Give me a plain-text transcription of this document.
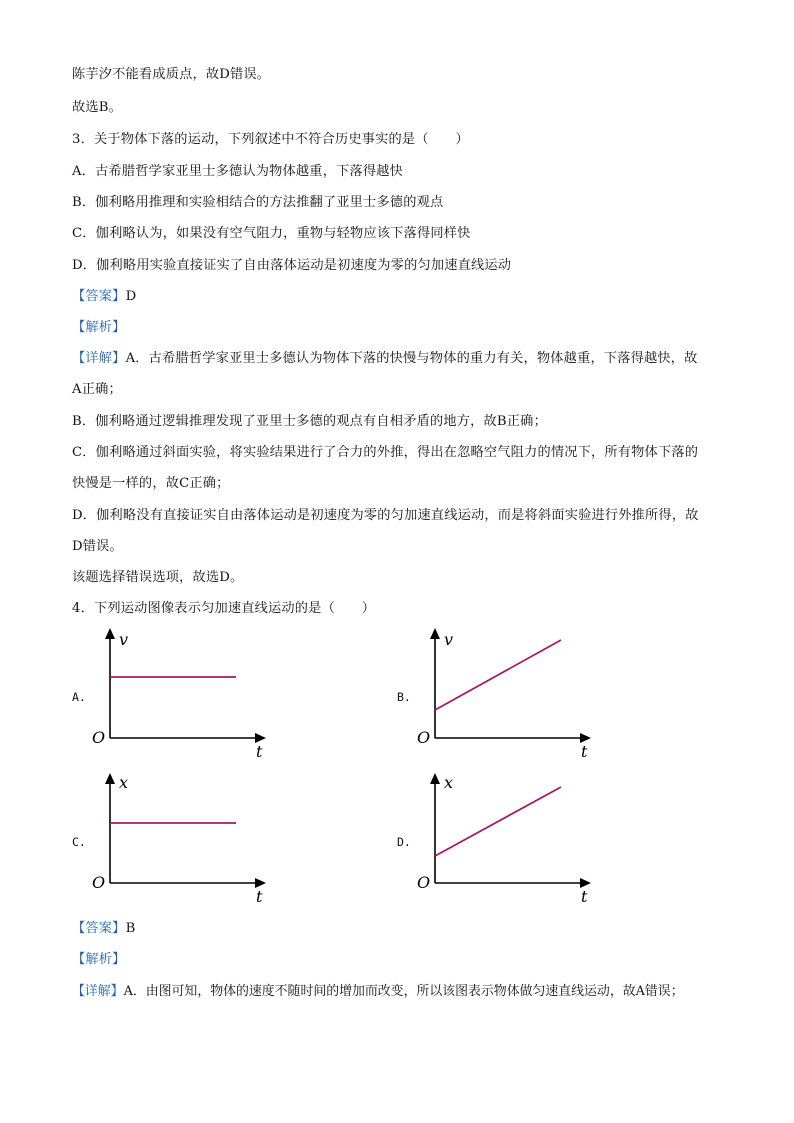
陈芋汐不能看成质点，故D错误。
故选B。
3．关于物体下落的运动，下列叙述中不符合历史事实的是（　　）
A．古希腊哲学家亚里士多德认为物体越重，下落得越快
B．伽利略用推理和实验相结合的方法推翻了亚里士多德的观点
C．伽利略认为，如果没有空气阻力，重物与轻物应该下落得同样快
D．伽利略用实验直接证实了自由落体运动是初速度为零的匀加速直线运动
【答案】D
【解析】
【详解】A．古希腊哲学家亚里士多德认为物体下落的快慢与物体的重力有关，物体越重，下落得越快，故
A正确；
B．伽利略通过逻辑推理发现了亚里士多德的观点有自相矛盾的地方，故B正确；
C．伽利略通过斜面实验，将实验结果进行了合力的外推，得出在忽略空气阻力的情况下，所有物体下落的
快慢是一样的，故C正确；
D．伽利略没有直接证实自由落体运动是初速度为零的匀加速直线运动，而是将斜面实验进行外推所得，故
D错误。
该题选择错误选项，故选D。
4．下列运动图像表示匀加速直线运动的是（　　）
A.
v
t
O
B.
v
t
O
C.
x
t
O
D.
x
t
O
【答案】B
【解析】
【详解】A．由图可知，物体的速度不随时间的增加而改变，所以该图表示物体做匀速直线运动，故A错误；
